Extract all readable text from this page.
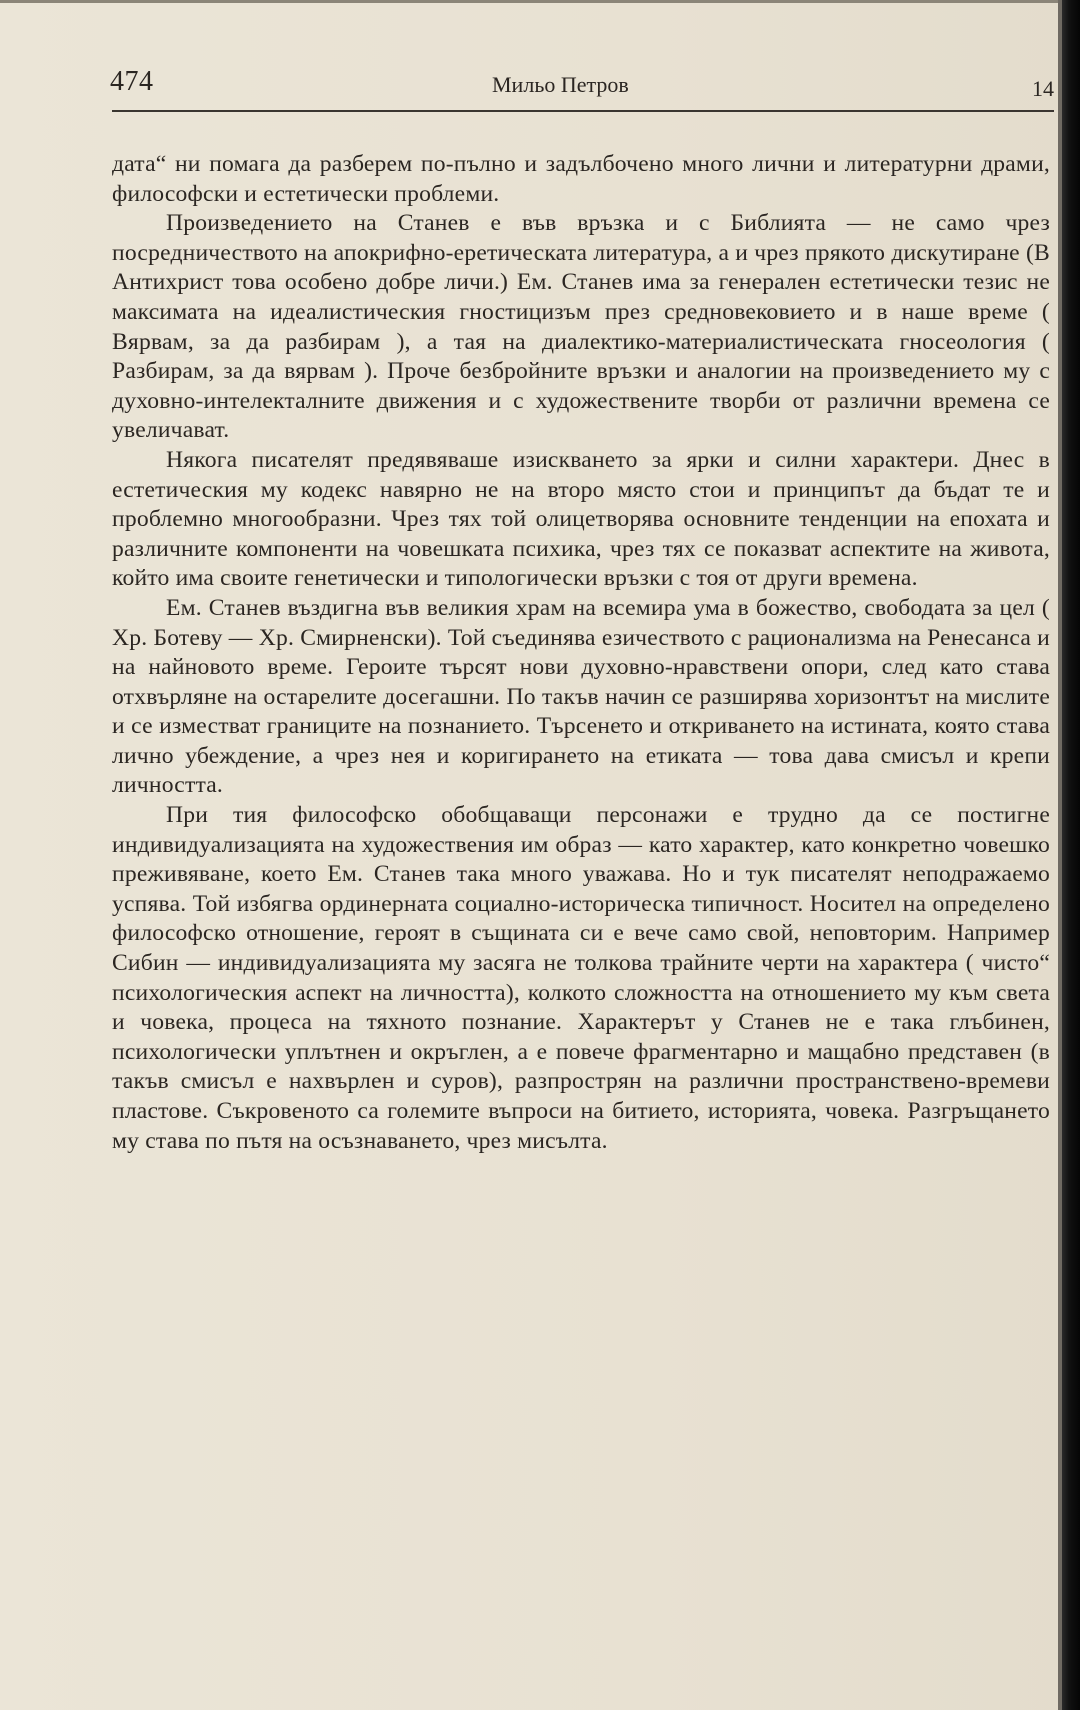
474	Мильо Петров	14

дата“ ни помага да разберем по-пълно и задълбочено много лични и литературни драми, философски и естетически проблеми.

Произведението на Станев е във връзка и с Библията — не само чрез посредничеството на апокрифно-еретическата литература, а и чрез прякото дискутиране (В Антихрист това особено добре личи.) Ем. Станев има за генерален естетически тезис не максимата на идеалистическия гностицизъм през средновековието и в наше време ( Вярвам, за да разбирам ), а тая на диалектико-материалистическата гносеология ( Разбирам, за да вярвам ). Проче безбройните връзки и аналогии на произведението му с духовно-интелекталните движения и с художествените творби от различни времена се увеличават.

Някога писателят предявяваше изискването за ярки и силни характери. Днес в естетическия му кодекс навярно не на второ място стои и принципът да бъдат те и проблемно многообразни. Чрез тях той олицетворява основните тенденции на епохата и различните компоненти на човешката психика, чрез тях се показват аспектите на живота, който има своите генетически и типологически връзки с тоя от други времена.

Ем. Станев въздигна във великия храм на всемира ума в божество, свободата за цел ( Хр. Ботеву — Хр. Смирненски). Той съединява езичеството с рационализма на Ренесанса и на найновото време. Героите търсят нови духовно-нравствени опори, след като става отхвърляне на остарелите досегашни. По такъв начин се разширява хоризонтът на мислите и се изместват границите на познанието. Търсенето и откриването на истината, която става лично убеждение, а чрез нея и коригирането на етиката — това дава смисъл и крепи личността.

При тия философско обобщаващи персонажи е трудно да се постигне индивидуализацията на художествения им образ — като характер, като конкретно човешко преживяване, което Ем. Станев така много уважава. Но и тук писателят неподражаемо успява. Той избягва ординерната социално-историческа типичност. Носител на определено философско отношение, героят в същината си е вече само свой, неповторим. Например Сибин — индивидуализацията му засяга не толкова трайните черти на характера ( чисто“ психологическия аспект на личността), колкото сложността на отношението му към света и човека, процеса на тяхното познание. Характерът у Станев не е така глъбинен, психологически уплътнен и окръглен, а е повече фрагментарно и мащабно представен (в такъв смисъл е нахвърлен и суров), разпрострян на различни пространствено-времеви пластове. Съкровеното са големите въпроси на битието, историята, човека. Разгръщането му става по пътя на осъзнаването, чрез мисълта.
